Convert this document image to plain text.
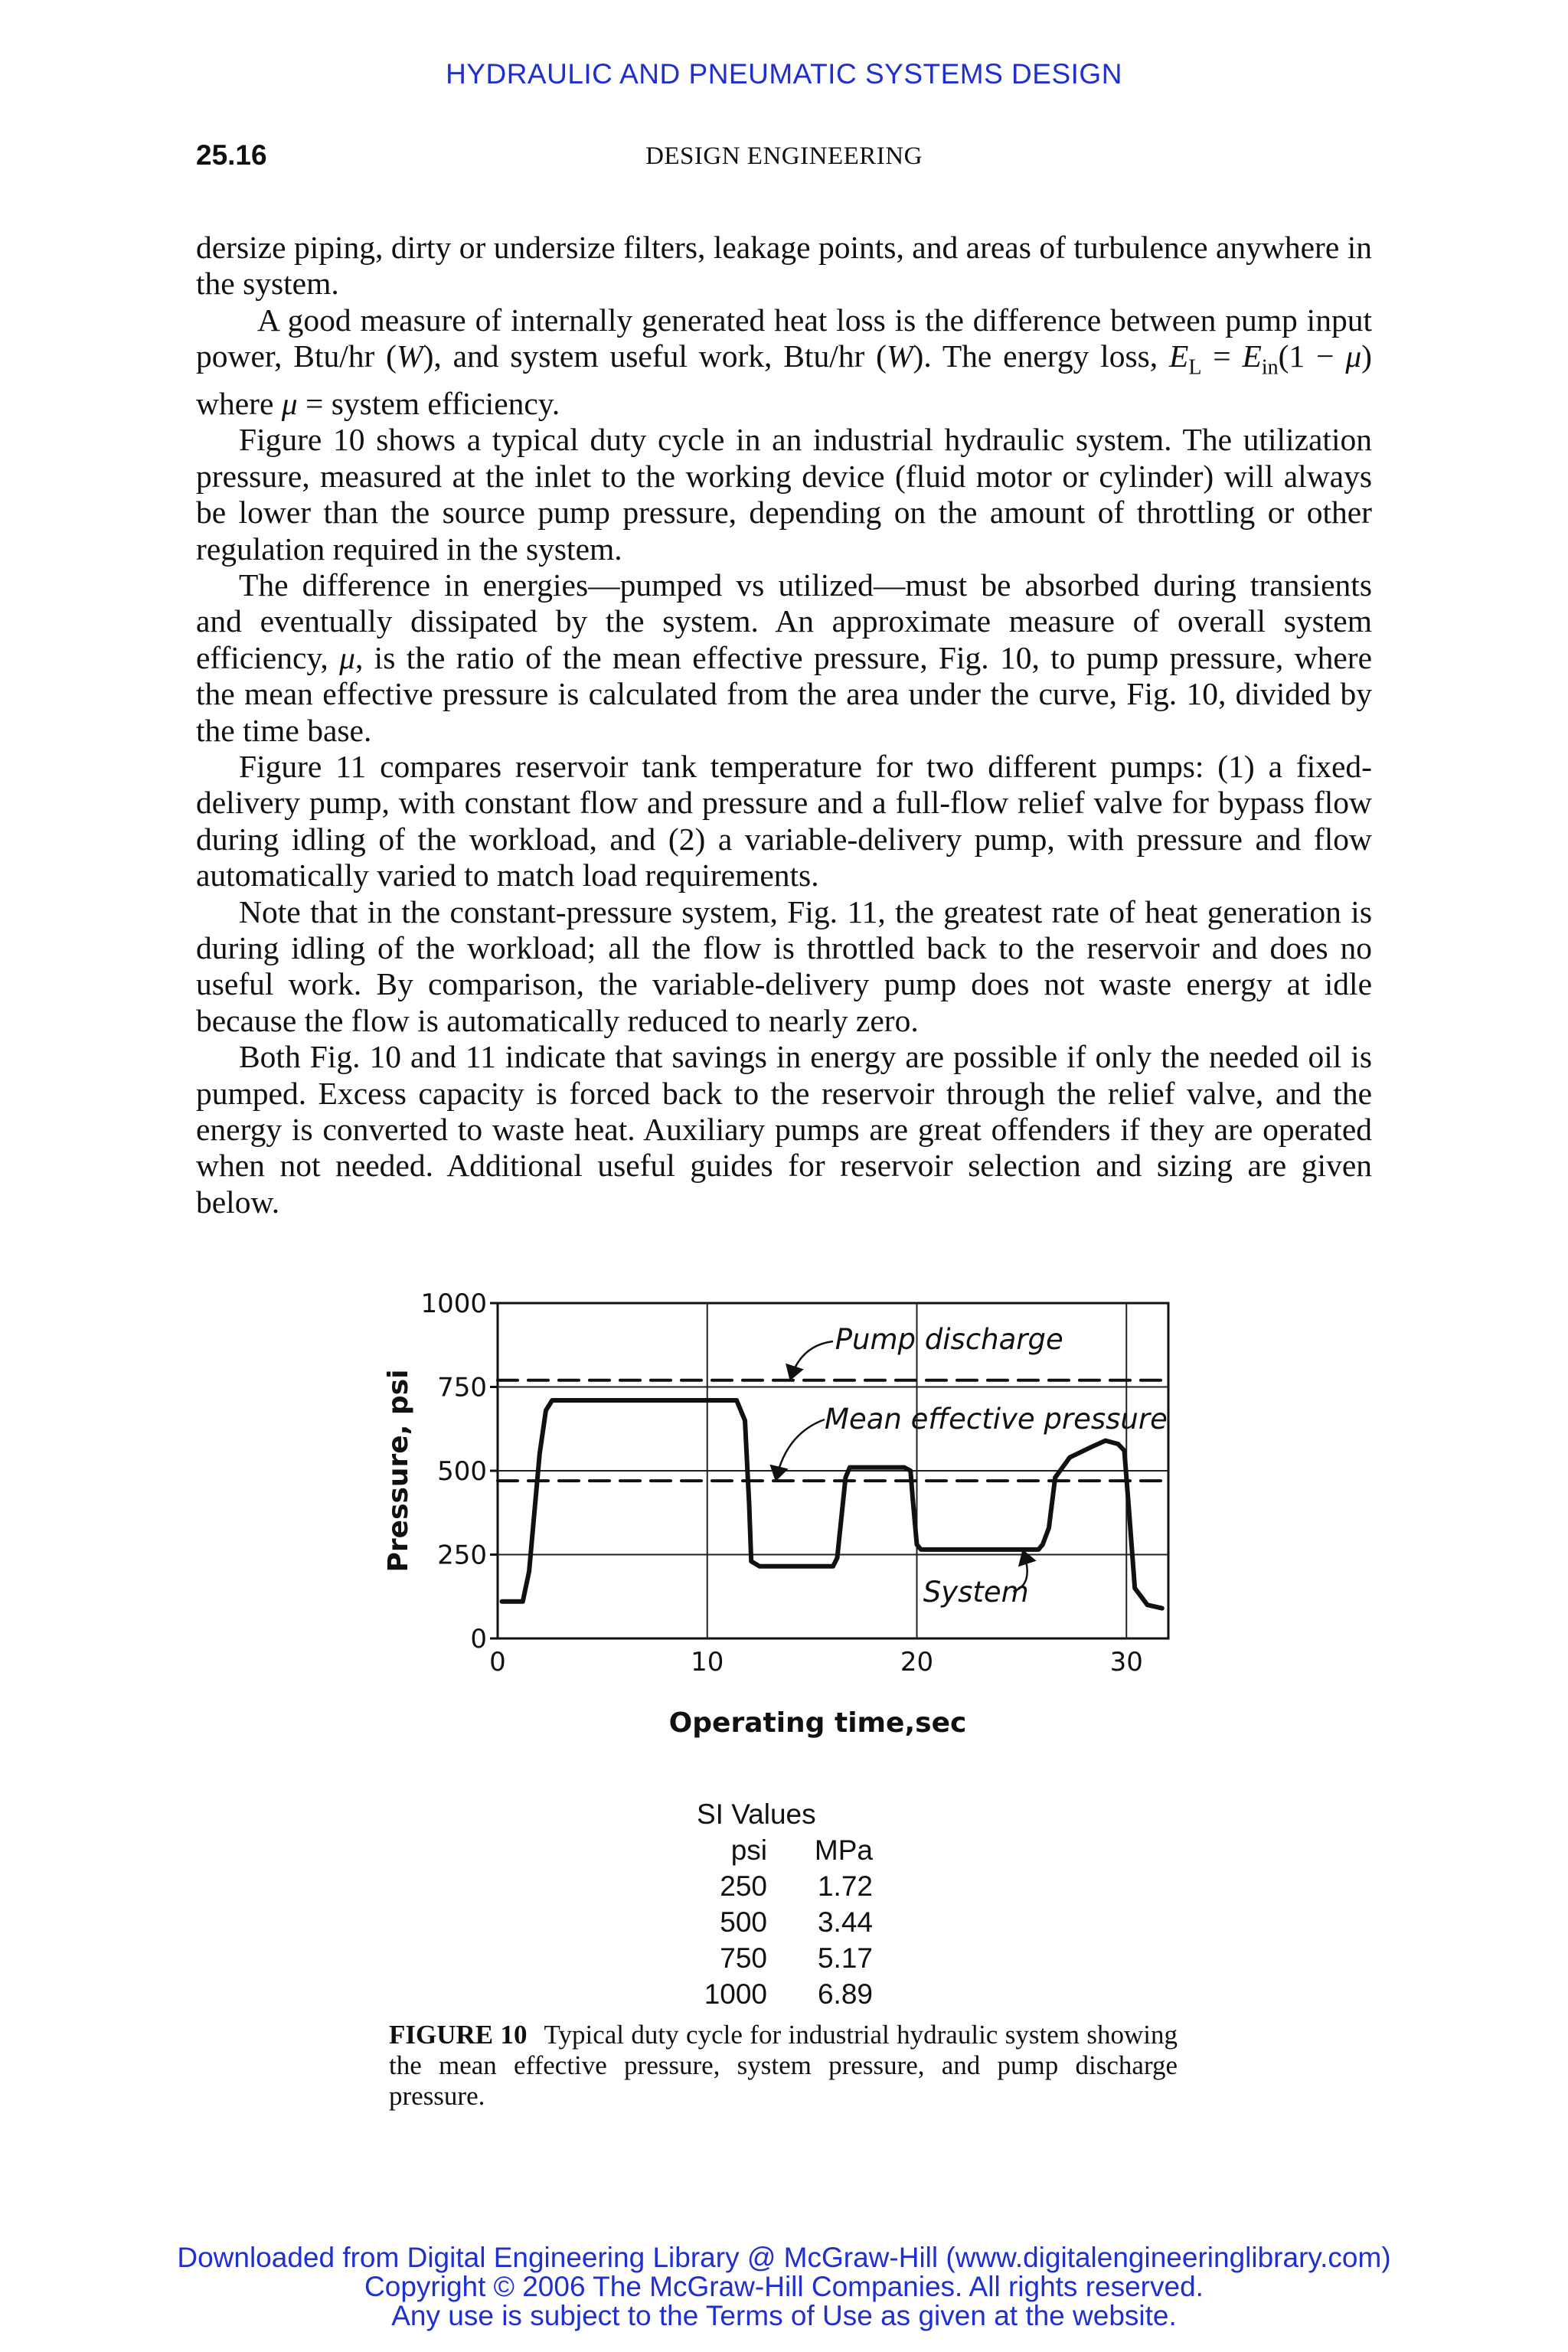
HYDRAULIC AND PNEUMATIC SYSTEMS DESIGN
25.16	DESIGN ENGINEERING

dersize piping, dirty or undersize filters, leakage points, and areas of turbulence anywhere in the system.

A good measure of internally generated heat loss is the difference between pump input power, Btu/hr (W), and system useful work, Btu/hr (W). The energy loss, $E_L = E_{in}(1 - \mu)$ where μ = system efficiency.

Figure 10 shows a typical duty cycle in an industrial hydraulic system. The utilization pressure, measured at the inlet to the working device (fluid motor or cylinder) will always be lower than the source pump pressure, depending on the amount of throttling or other regulation required in the system.

The difference in energies—pumped vs utilized—must be absorbed during transients and eventually dissipated by the system. An approximate measure of overall system efficiency, μ, is the ratio of the mean effective pressure, Fig. 10, to pump pressure, where the mean effective pressure is calculated from the area under the curve, Fig. 10, divided by the time base.

Figure 11 compares reservoir tank temperature for two different pumps: (1) a fixed-delivery pump, with constant flow and pressure and a full-flow relief valve for bypass flow during idling of the workload, and (2) a variable-delivery pump, with pressure and flow automatically varied to match load requirements.

Note that in the constant-pressure system, Fig. 11, the greatest rate of heat generation is during idling of the workload; all the flow is throttled back to the reservoir and does no useful work. By comparison, the variable-delivery pump does not waste energy at idle because the flow is automatically reduced to nearly zero.

Both Fig. 10 and 11 indicate that savings in energy are possible if only the needed oil is pumped. Excess capacity is forced back to the reservoir through the relief valve, and the energy is converted to waste heat. Auxiliary pumps are great offenders if they are operated when not needed. Additional useful guides for reservoir selection and sizing are given below.

0	10	20	30
0
250
500
750
1000
Operating time,sec
Pressure, psi
Pump discharge
Mean effective pressure
System
SI Values
psi	MPa
250	1.72
500	3.44
750	5.17
1000	6.89
FIGURE 10 Typical duty cycle for industrial hydraulic system showing the mean effective pressure, system pressure, and pump discharge pressure.
Downloaded from Digital Engineering Library @ McGraw-Hill (www.digitalengineeringlibrary.com)
Copyright © 2006 The McGraw-Hill Companies. All rights reserved.
Any use is subject to the Terms of Use as given at the website.
